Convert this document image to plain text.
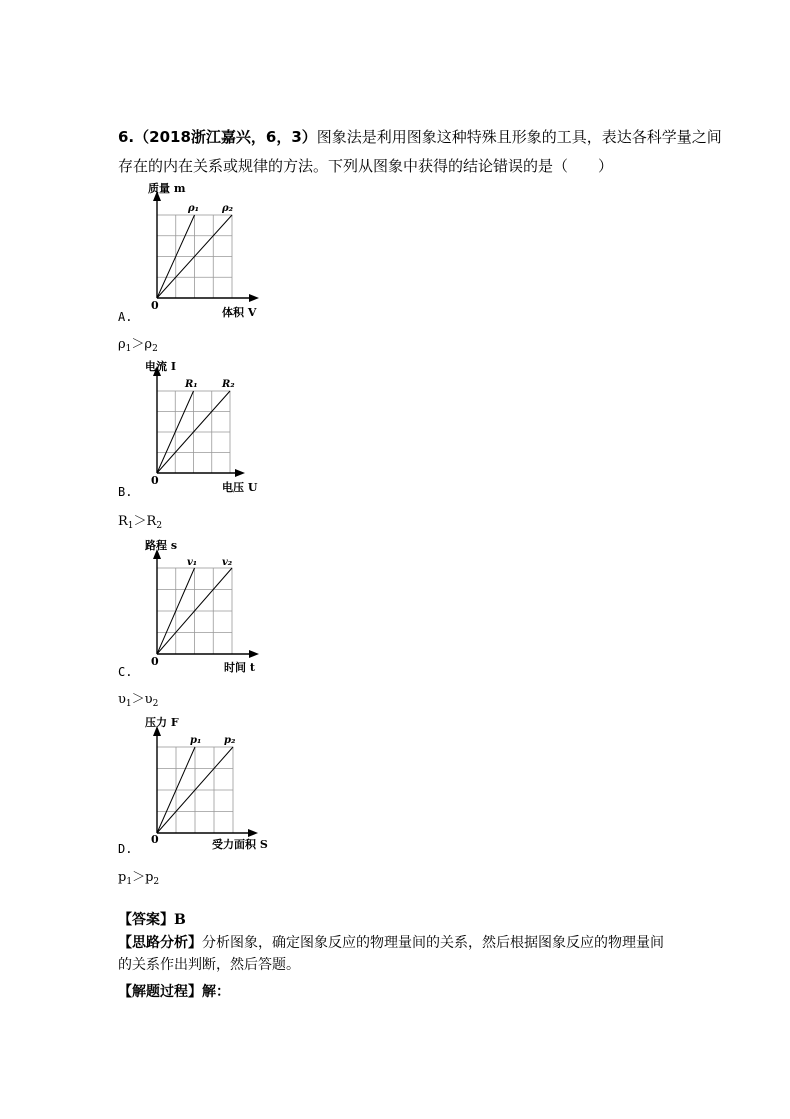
6.（2018浙江嘉兴，6，3）图象法是利用图象这种特殊且形象的工具，表达各科学量之间
存在的内在关系或规律的方法。下列从图象中获得的结论错误的是（　　）
质量 m
体积 V
ρ₁ ρ₂
0
A.
$\rho_1>\rho_2$
电流 I
电压 U
R₁ R₂
0
B.
$R_1>R_2$
路程 s
时间 t
v₁ v₂
0
C.
$\upsilon_1>\upsilon_2$
压力 F
受力面积 S
p₁ p₂
0
D.
$p_1>p_2$
【答案】B
【思路分析】分析图象，确定图象反应的物理量间的关系，然后根据图象反应的物理量间
的关系作出判断，然后答题。
【解题过程】解：
